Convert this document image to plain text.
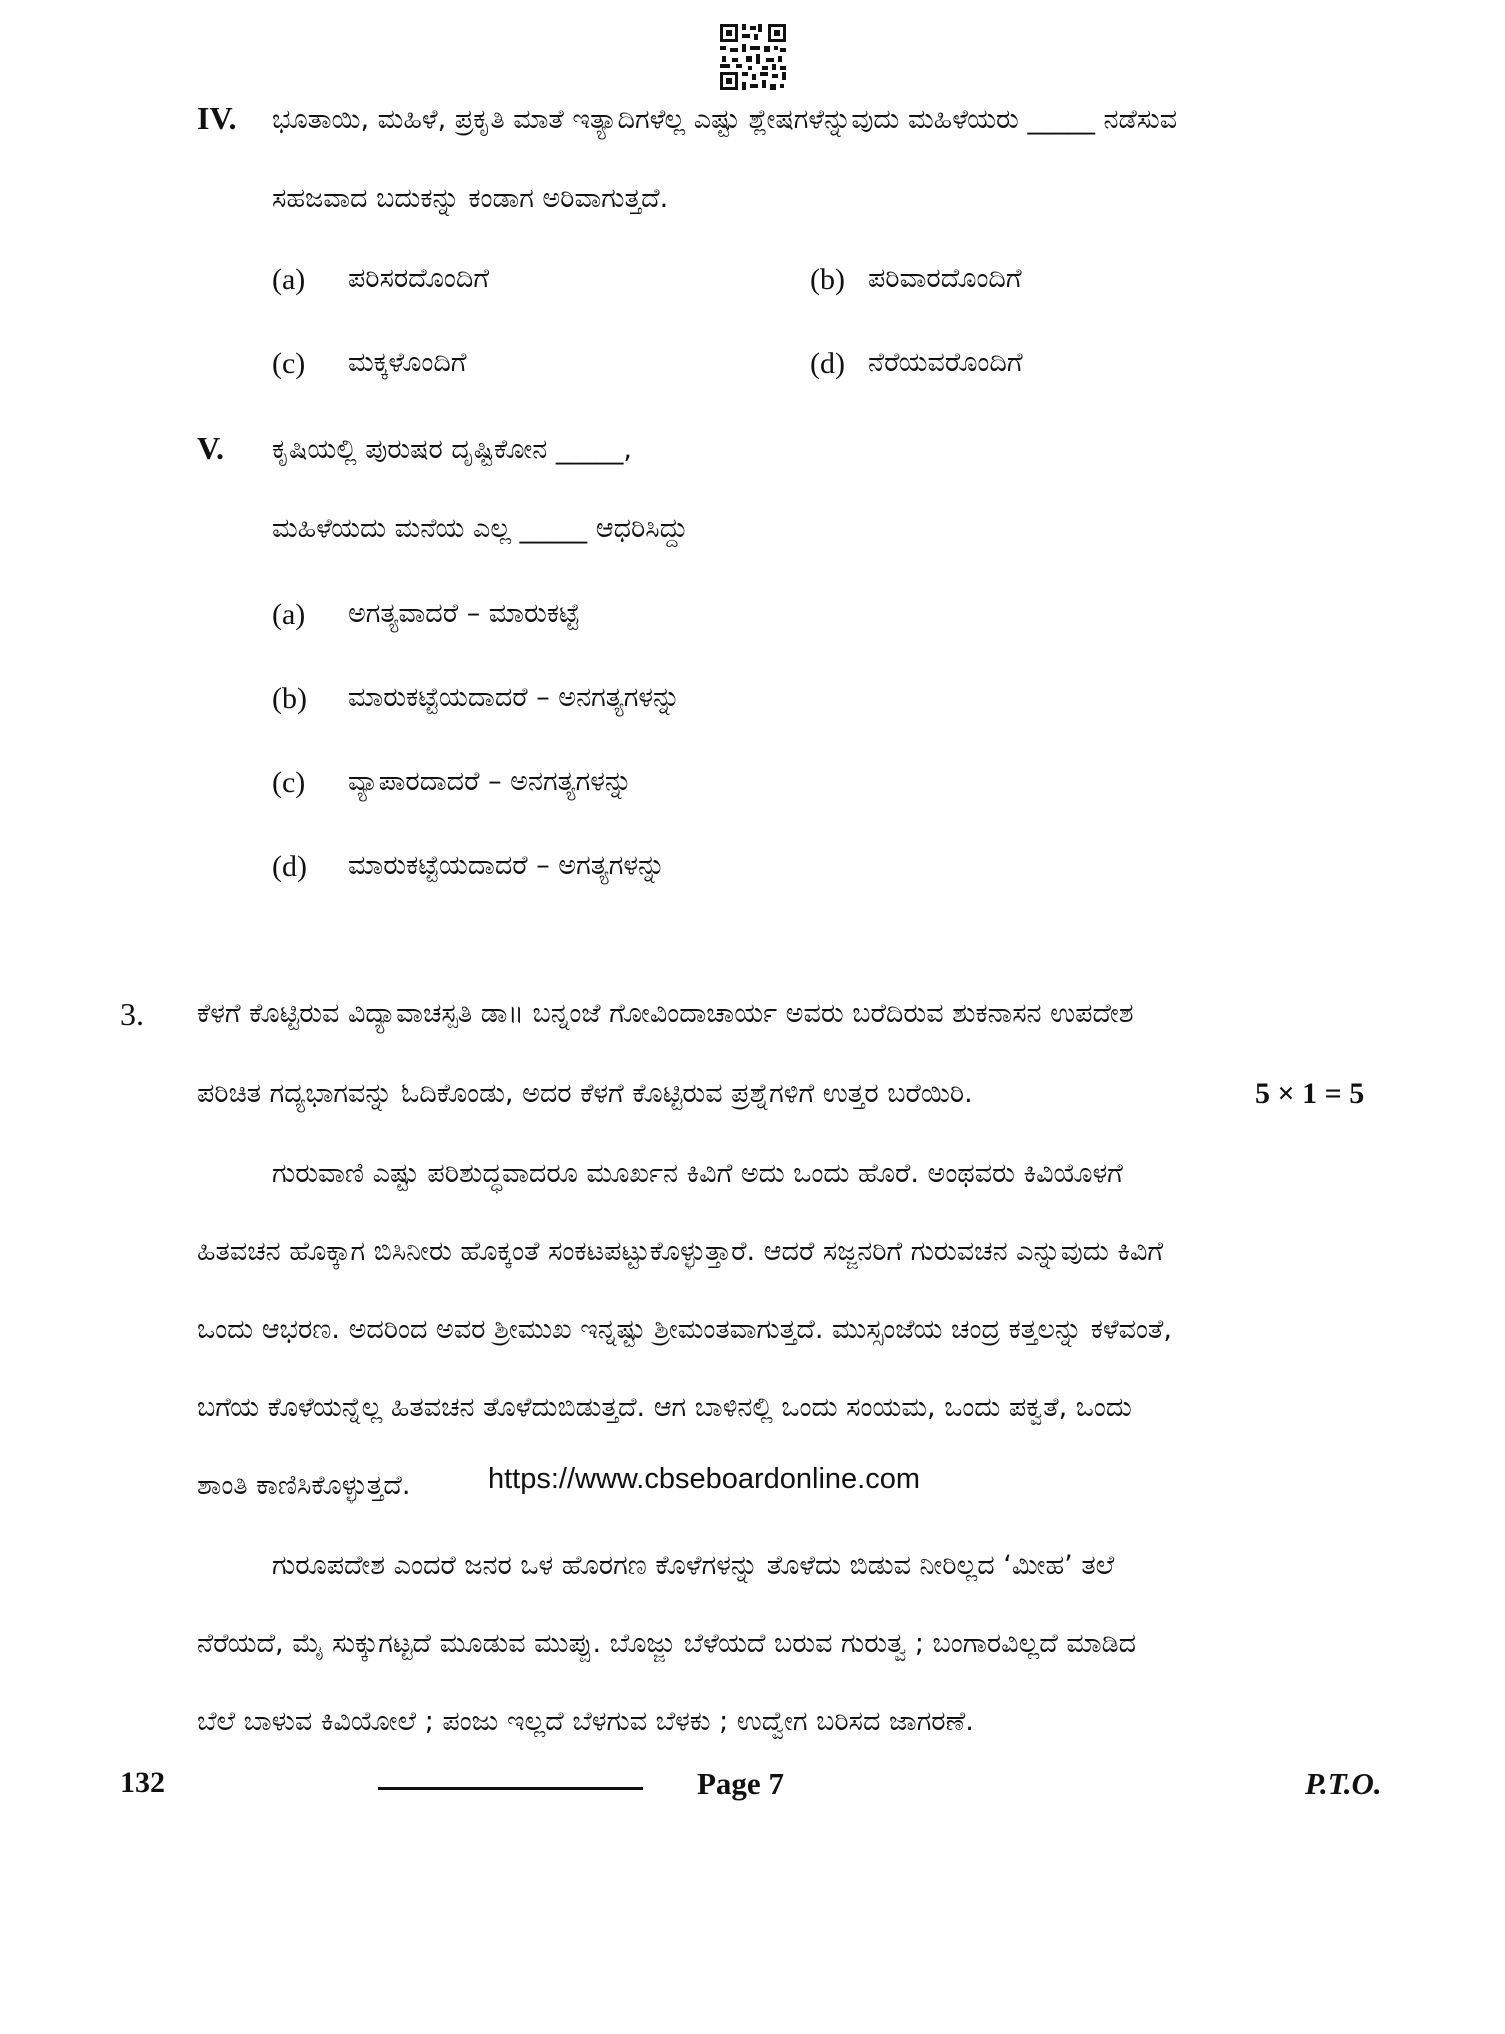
IV. ಭೂತಾಯಿ, ಮಹಿಳೆ, ಪ್ರಕೃತಿ ಮಾತೆ ಇತ್ಯಾದಿಗಳೆಲ್ಲ ಎಷ್ಟು ಶ್ಲೇಷಗಳೆನ್ನುವುದು ಮಹಿಳೆಯರು _____ ನಡೆಸುವ
ಸಹಜವಾದ ಬದುಕನ್ನು ಕಂಡಾಗ ಅರಿವಾಗುತ್ತದೆ.
(a) ಪರಿಸರದೊಂದಿಗೆ	(b) ಪರಿವಾರದೊಂದಿಗೆ
(c) ಮಕ್ಕಳೊಂದಿಗೆ	(d) ನೆರೆಯವರೊಂದಿಗೆ
V. ಕೃಷಿಯಲ್ಲಿ ಪುರುಷರ ದೃಷ್ಟಿಕೋನ _____,
ಮಹಿಳೆಯದು ಮನೆಯ ಎಲ್ಲ _____ ಆಧರಿಸಿದ್ದು
(a) ಅಗತ್ಯವಾದರೆ – ಮಾರುಕಟ್ಟೆ
(b) ಮಾರುಕಟ್ಟೆಯದಾದರೆ – ಅನಗತ್ಯಗಳನ್ನು
(c) ವ್ಯಾಪಾರದಾದರೆ – ಅನಗತ್ಯಗಳನ್ನು
(d) ಮಾರುಕಟ್ಟೆಯದಾದರೆ – ಅಗತ್ಯಗಳನ್ನು
3. ಕೆಳಗೆ ಕೊಟ್ಟಿರುವ ವಿದ್ಯಾವಾಚಸ್ಪತಿ ಡಾ॥ ಬನ್ನಂಜೆ ಗೋವಿಂದಾಚಾರ್ಯ ಅವರು ಬರೆದಿರುವ ಶುಕನಾಸನ ಉಪದೇಶ
ಪರಿಚಿತ ಗದ್ಯಭಾಗವನ್ನು ಓದಿಕೊಂಡು, ಅದರ ಕೆಳಗೆ ಕೊಟ್ಟಿರುವ ಪ್ರಶ್ನೆಗಳಿಗೆ ಉತ್ತರ ಬರೆಯಿರಿ.	5 × 1 = 5
ಗುರುವಾಣಿ ಎಷ್ಟು ಪರಿಶುದ್ಧವಾದರೂ ಮೂರ್ಖನ ಕಿವಿಗೆ ಅದು ಒಂದು ಹೊರೆ. ಅಂಥವರು ಕಿವಿಯೊಳಗೆ
ಹಿತವಚನ ಹೊಕ್ಕಾಗ ಬಿಸಿನೀರು ಹೊಕ್ಕಂತೆ ಸಂಕಟಪಟ್ಟುಕೊಳ್ಳುತ್ತಾರೆ. ಆದರೆ ಸಜ್ಜನರಿಗೆ ಗುರುವಚನ ಎನ್ನುವುದು ಕಿವಿಗೆ
ಒಂದು ಆಭರಣ. ಅದರಿಂದ ಅವರ ಶ್ರೀಮುಖ ಇನ್ನಷ್ಟು ಶ್ರೀಮಂತವಾಗುತ್ತದೆ. ಮುಸ್ಸಂಜೆಯ ಚಂದ್ರ ಕತ್ತಲನ್ನು ಕಳೆವಂತೆ,
ಬಗೆಯ ಕೊಳೆಯನ್ನೆಲ್ಲ ಹಿತವಚನ ತೊಳೆದುಬಿಡುತ್ತದೆ. ಆಗ ಬಾಳಿನಲ್ಲಿ ಒಂದು ಸಂಯಮ, ಒಂದು ಪಕ್ವತೆ, ಒಂದು
ಶಾಂತಿ ಕಾಣಿಸಿಕೊಳ್ಳುತ್ತದೆ.	https://www.cbseboardonline.com
ಗುರೂಪದೇಶ ಎಂದರೆ ಜನರ ಒಳ ಹೊರಗಣ ಕೊಳೆಗಳನ್ನು ತೊಳೆದು ಬಿಡುವ ನೀರಿಲ್ಲದ ‘ಮೀಹ’ ತಲೆ
ನೆರೆಯದೆ, ಮೈ ಸುಕ್ಕುಗಟ್ಟದೆ ಮೂಡುವ ಮುಪ್ಪು. ಬೊಜ್ಜು ಬೆಳೆಯದೆ ಬರುವ ಗುರುತ್ವ ; ಬಂಗಾರವಿಲ್ಲದೆ ಮಾಡಿದ
ಬೆಲೆ ಬಾಳುವ ಕಿವಿಯೋಲೆ ; ಪಂಜು ಇಲ್ಲದೆ ಬೆಳಗುವ ಬೆಳಕು ; ಉದ್ವೇಗ ಬರಿಸದ ಜಾಗರಣೆ.
132	Page 7	P.T.O.
